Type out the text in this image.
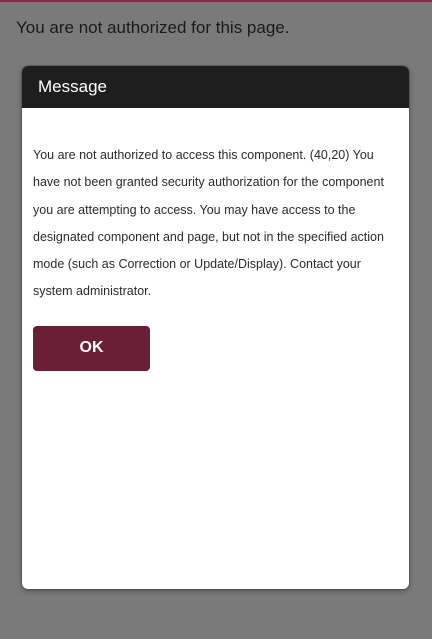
You are not authorized for this page.
Message

You are not authorized to access this component. (40,20) You have not been granted security authorization for the component you are attempting to access. You may have access to the designated component and page, but not in the specified action mode (such as Correction or Update/Display). Contact your system administrator.

OK
